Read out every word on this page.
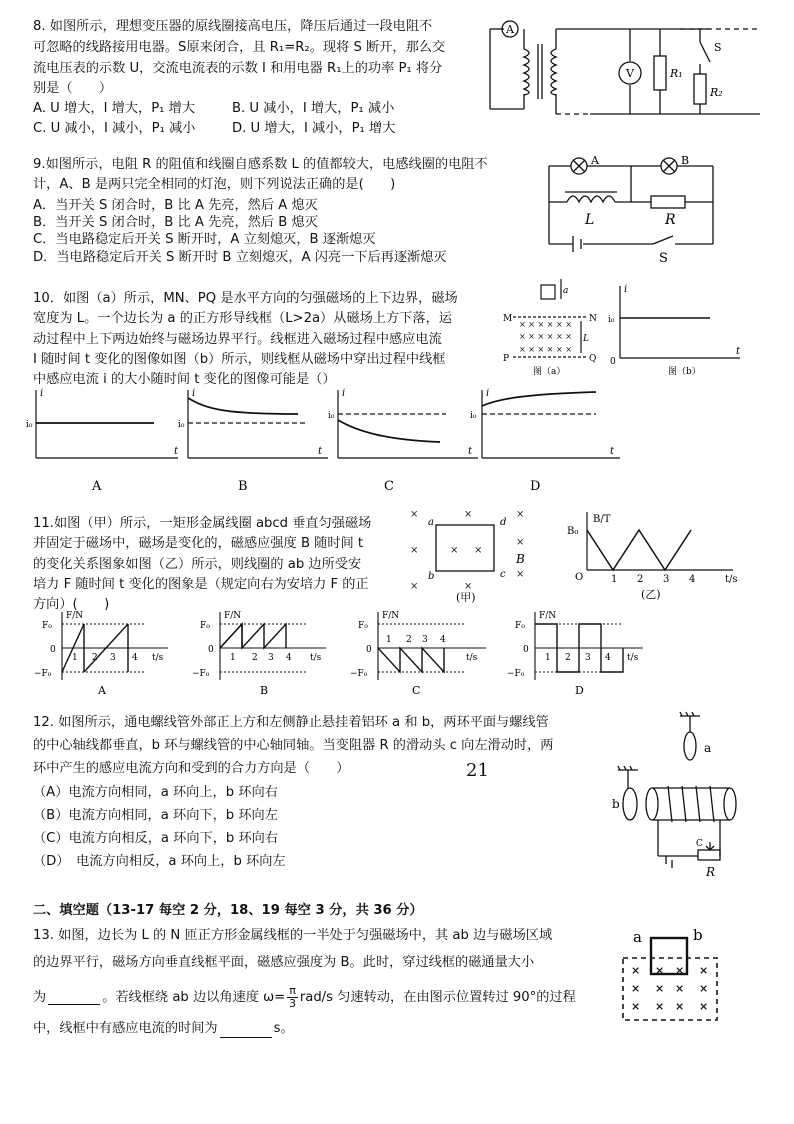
8. 如图所示，理想变压器的原线圈接高电压，降压后通过一段电阻不
可忽略的线路接用电器。S原来闭合，且 R₁=R₂。现将 S 断开，那么交
流电压表的示数 U，交流电流表的示数 I 和用电器 R₁上的功率 P₁ 将分
别是（　　）
A. U 增大，I 增大，P₁ 增大	B. U 减小，I 增大，P₁ 减小
C. U 减小，I 减小，P₁ 减小	D. U 增大，I 减小，P₁ 增大
A
V	R₁
R₂
S
9.如图所示，电阻 R 的阻值和线圈自感系数 L 的值都较大，电感线圈的电阻不
计，A、B 是两只完全相同的灯泡，则下列说法正确的是(　　)
A．当开关 S 闭合时，B 比 A 先亮，然后 A 熄灭
B．当开关 S 闭合时，B 比 A 先亮，然后 B 熄灭
C．当电路稳定后开关 S 断开时，A 立刻熄灭，B 逐渐熄灭
D．当电路稳定后开关 S 断开时 B 立刻熄灭，A 闪亮一下后再逐渐熄灭
A	B
L	R
S
10．如图（a）所示，MN、PQ 是水平方向的匀强磁场的上下边界，磁场
宽度为 L。一个边长为 a 的正方形导线框（L>2a）从磁场上方下落，运
动过程中上下两边始终与磁场边界平行。线框进入磁场过程中感应电流
I 随时间 t 变化的图像如图（b）所示，则线框从磁场中穿出过程中线框
中感应电流 i 的大小随时间 t 变化的图像可能是（）
× × × × × ×
× × × × × ×
× × × × × ×
a
M	N
P	Q
L
图（a）
i
i₀
t
0
图（b）
i
i₀
t
A
i
i₀
t
B
i
i₀
t
C
i
i₀
t
D
11.如图（甲）所示，一矩形金属线圈 abcd 垂直匀强磁场
并固定于磁场中，磁场是变化的，磁感应强度 B 随时间 t
的变化关系图象如图（乙）所示，则线圈的 ab 边所受安
培力 F 随时间 t 变化的图象是（规定向右为安培力 F 的正
方向）(　　)
×	×	×
×	× ×
×
×	×
×
a	d
b	c
B
(甲)
B/T
B₀
O	1 2 3 4	t/s
(乙)
F/N
F₀
0
−F₀
1 2 3 4 t/s
A
F/N
F₀
0
−F₀
1 2 3 4 t/s
B
F/N
F₀
0
−F₀
1 2 3 4
t/s
C
F/N
F₀
0
−F₀
1 2 3 4 t/s
D
12. 如图所示，通电螺线管外部正上方和左侧静止悬挂着铝环 a 和 b，两环平面与螺线管
的中心轴线都垂直，b 环与螺线管的中心轴同轴。当变阻器 R 的滑动头 c 向左滑动时，两
环中产生的感应电流方向和受到的合力方向是（　　）	21
（A）电流方向相同，a 环向上，b 环向右
（B）电流方向相同，a 环向下，b 环向左
（C）电流方向相反，a 环向下，b 环向右
（D）　电流方向相反，a 环向上，b 环向左
a
b
C
R
二、填空题（13-17 每空 2 分，18、19 每空 3 分，共 36 分）
13. 如图，边长为 L 的 N 匝正方形金属线框的一半处于匀强磁场中，其 ab 边与磁场区域
的边界平行，磁场方向垂直线框平面，磁感应强度为 B。此时，穿过线框的磁通量大小
为	。若线框绕 ab 边以角速度 $\omega= \frac{\pi}{3} rad/s$ 匀速转动，在由图示位置转过 90°的过程
中，线框中有感应电流的时间为	s。
× × × ×
× × × ×
× × × ×
a	b
